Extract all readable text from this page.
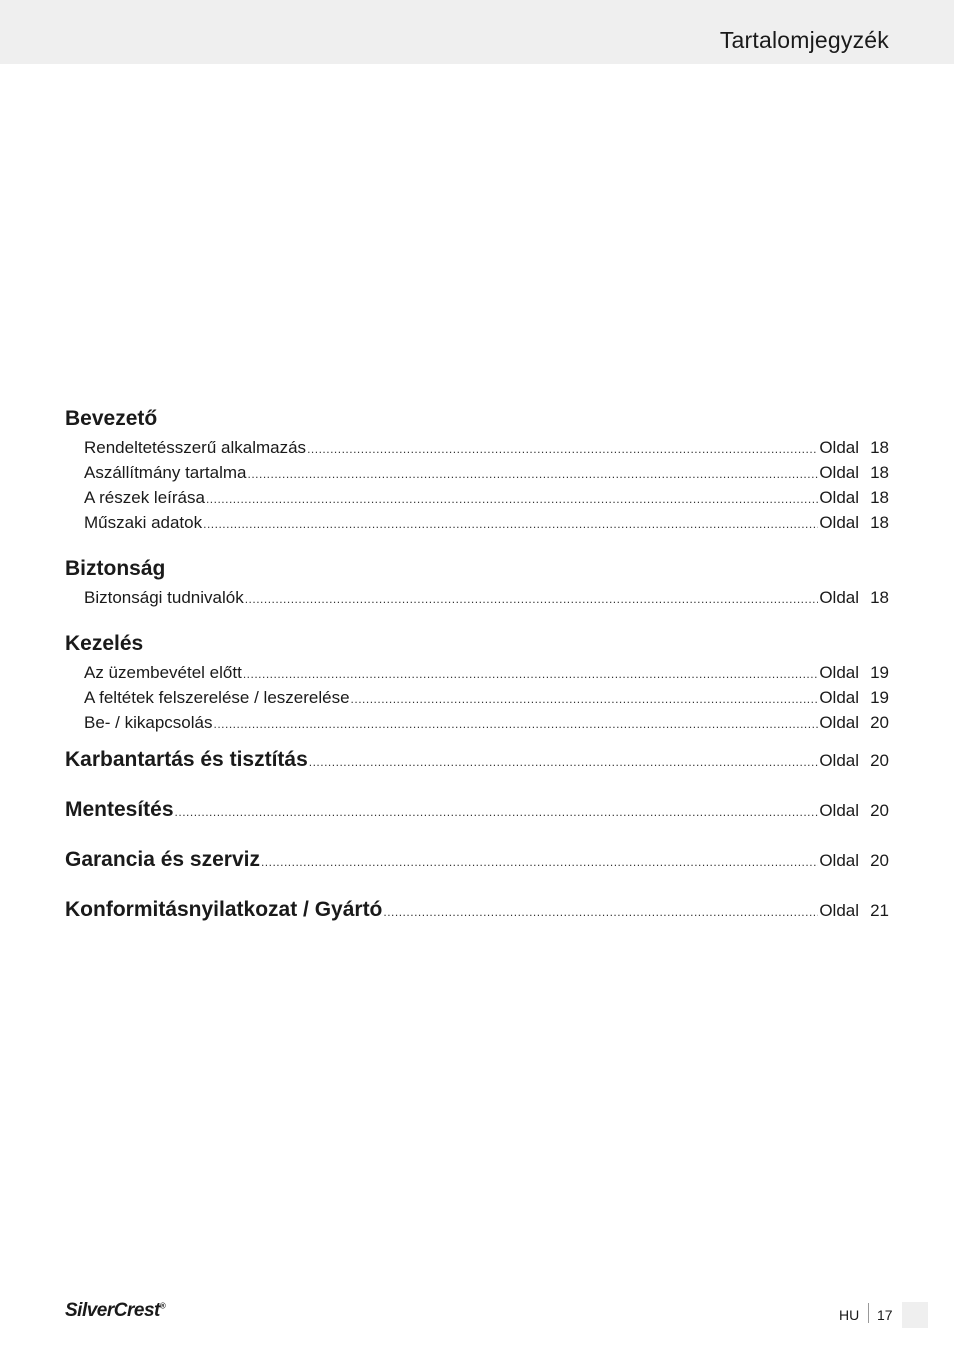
Tartalomjegyzék
Bevezető
Rendeltetésszerű alkalmazás .....	Oldal 18
Aszállítmány tartalma .....	Oldal 18
A részek leírása .....	Oldal 18
Műszaki adatok .....	Oldal 18
Biztonság
Biztonsági tudnivalók .....	Oldal 18
Kezelés
Az üzembevétel előtt .....	Oldal 19
A feltétek felszerelése / leszerelése .....	Oldal 19
Be- / kikapcsolás .....	Oldal 20
Karbantartás és tisztítás .....	Oldal 20
Mentesítés .....	Oldal 20
Garancia és szerviz .....	Oldal 20
Konformitásnyilatkozat / Gyártó .....	Oldal 21
SilverCrest®
HU 17
